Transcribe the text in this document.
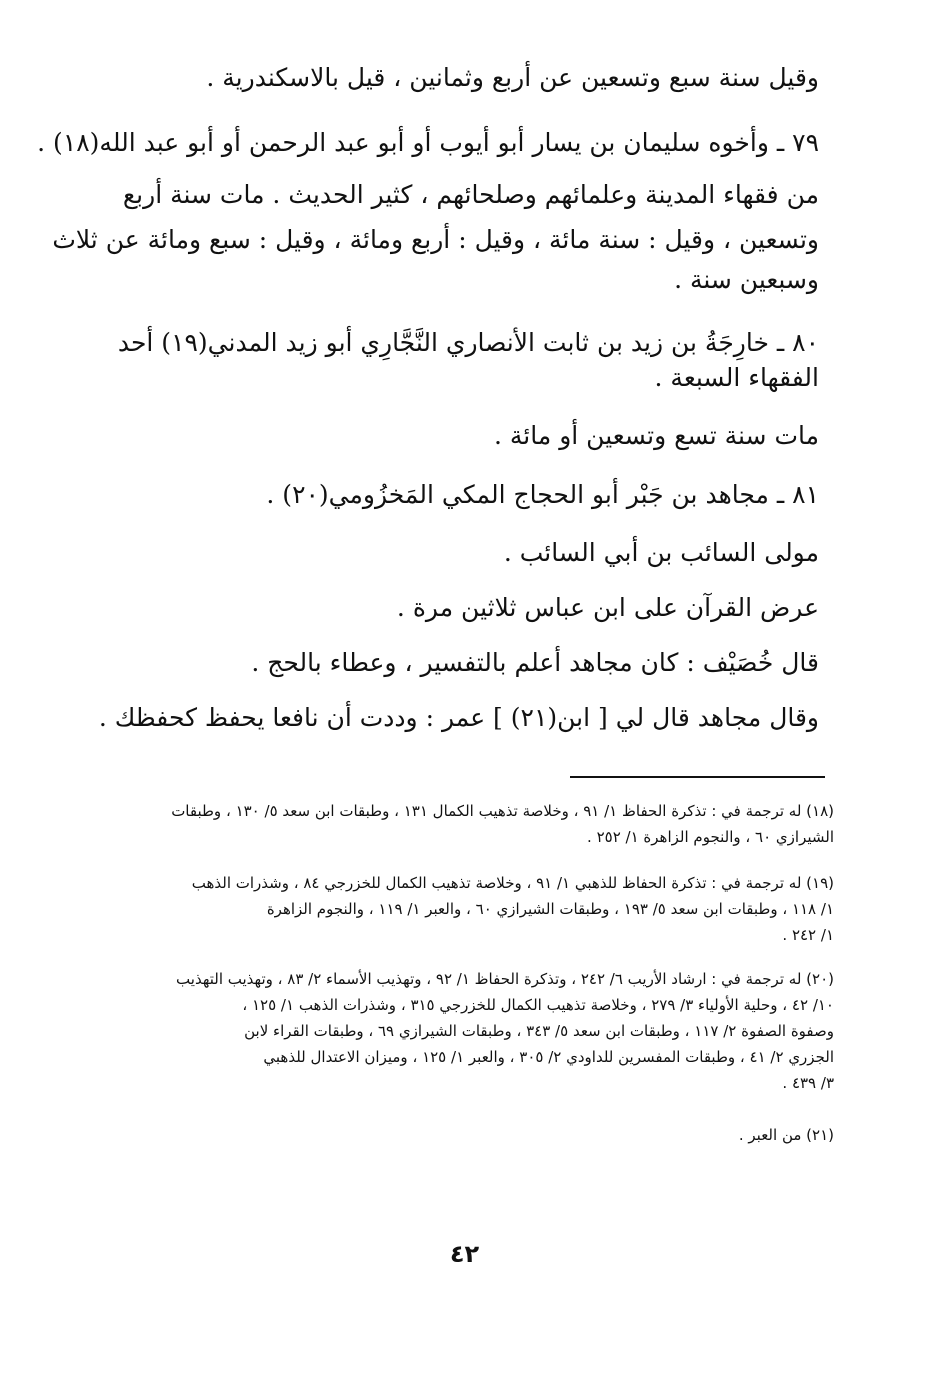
وقيل سنة سبع وتسعين عن أربع وثمانين ، قيل بالاسكندرية .
٧٩ ـ وأخوه سليمان بن يسار أبو أيوب أو أبو عبد الرحمن أو أبو عبد الله(١٨) .
من فقهاء المدينة وعلمائهم وصلحائهم ، كثير الحديث . مات سنة أربع
وتسعين ، وقيل : سنة مائة ، وقيل : أربع ومائة ، وقيل : سبع ومائة عن ثلاث
وسبعين سنة .
٨٠ ـ خارِجَةُ بن زيد بن ثابت الأنصاري النَّجَّارِي أبو زيد المدني(١٩) أحد
الفقهاء السبعة .
مات سنة تسع وتسعين أو مائة .
٨١ ـ مجاهد بن جَبْر أبو الحجاج المكي المَخزُومي(٢٠) .
مولى السائب بن أبي السائب .
عرض القرآن على ابن عباس ثلاثين مرة .
قال خُصَيْف : كان مجاهد أعلم بالتفسير ، وعطاء بالحج .
وقال مجاهد قال لي [ ابن(٢١) ] عمر : وددت أن نافعا يحفظ كحفظك .
(١٨) له ترجمة في : تذكرة الحفاظ ١/ ٩١ ، وخلاصة تذهيب الكمال ١٣١ ، وطبقات ابن سعد ٥/ ١٣٠ ، وطبقات
الشيرازي ٦٠ ، والنجوم الزاهرة ١/ ٢٥٢ .
(١٩) له ترجمة في : تذكرة الحفاظ للذهبي ١/ ٩١ ، وخلاصة تذهيب الكمال للخزرجي ٨٤ ، وشذرات الذهب
١/ ١١٨ ، وطبقات ابن سعد ٥/ ١٩٣ ، وطبقات الشيرازي ٦٠ ، والعبر ١/ ١١٩ ، والنجوم الزاهرة
١/ ٢٤٢ .
(٢٠) له ترجمة في : ارشاد الأريب ٦/ ٢٤٢ ، وتذكرة الحفاظ ١/ ٩٢ ، وتهذيب الأسماء ٢/ ٨٣ ، وتهذيب التهذيب
١٠/ ٤٢ ، وحلية الأولياء ٣/ ٢٧٩ ، وخلاصة تذهيب الكمال للخزرجي ٣١٥ ، وشذرات الذهب ١/ ١٢٥ ،
وصفوة الصفوة ٢/ ١١٧ ، وطبقات ابن سعد ٥/ ٣٤٣ ، وطبقات الشيرازي ٦٩ ، وطبقات القراء لابن
الجزري ٢/ ٤١ ، وطبقات المفسرين للداودي ٢/ ٣٠٥ ، والعبر ١/ ١٢٥ ، وميزان الاعتدال للذهبي
٣/ ٤٣٩ .
(٢١) من العبر .
٤٢
